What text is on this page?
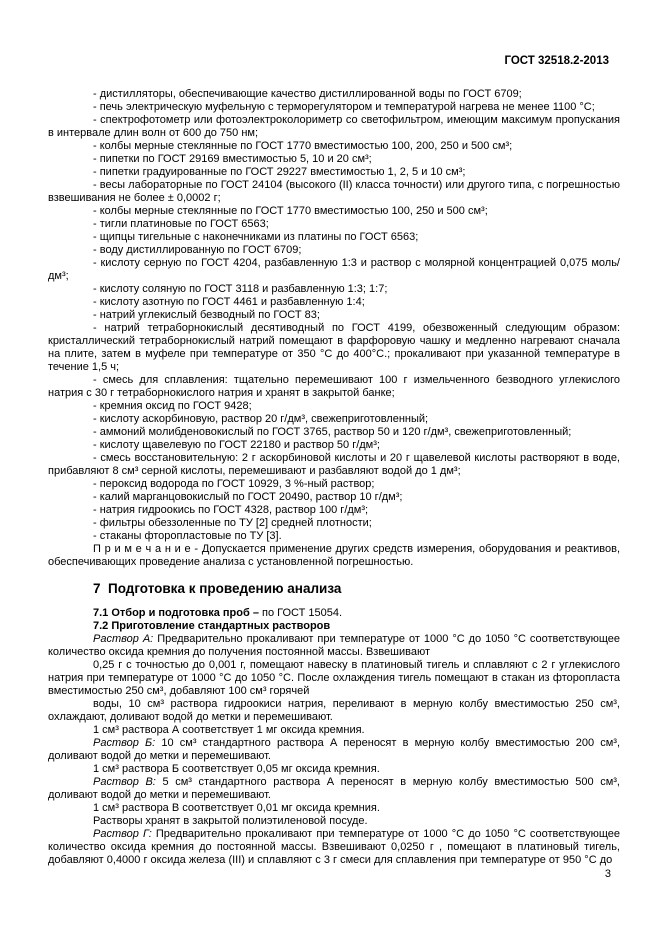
ГОСТ 32518.2-2013

- дистилляторы, обеспечивающие качество дистиллированной воды по ГОСТ 6709;

- печь электрическую муфельную с терморегулятором и температурой нагрева не менее 1100 °С;

- спектрофотометр или фотоэлектроколориметр со светофильтром, имеющим максимум пропускания в интервале длин волн от 600 до 750 нм;

- колбы мерные стеклянные по ГОСТ 1770 вместимостью 100, 200, 250 и 500 см³;

- пипетки по ГОСТ 29169 вместимостью 5, 10 и 20 см³;

- пипетки градуированные по ГОСТ 29227 вместимостью 1, 2, 5 и 10 см³;

- весы лабораторные по ГОСТ 24104 (высокого (II) класса точности) или другого типа, с погрешностью взвешивания не более ± 0,0002 г;

- колбы мерные стеклянные по ГОСТ 1770 вместимостью 100, 250 и 500 см³;

- тигли платиновые по ГОСТ 6563;

- щипцы тигельные с наконечниками из платины по ГОСТ 6563;

- воду дистиллированную по ГОСТ 6709;

- кислоту серную по ГОСТ 4204, разбавленную 1:3 и раствор с молярной концентрацией 0,075 моль/дм³;

- кислоту соляную по ГОСТ 3118 и разбавленную 1:3; 1:7;

- кислоту азотную по ГОСТ 4461 и разбавленную 1:4;

- натрий углекислый безводный по ГОСТ 83;

- натрий тетраборнокислый десятиводный по ГОСТ 4199, обезвоженный следующим образом: кристаллический тетраборнокислый натрий помещают в фарфоровую чашку и медленно нагревают сначала на плите, затем в муфеле при температуре от 350 °С до 400°С.; прокаливают при указанной температуре в течение 1,5 ч;

- смесь для сплавления: тщательно перемешивают 100 г измельченного безводного углекислого натрия с 30 г тетраборнокислого натрия и хранят в закрытой банке;

- кремния оксид по ГОСТ 9428;

- кислоту аскорбиновую, раствор 20 г/дм³, свежеприготовленный;

- аммоний молибденовокислый по ГОСТ 3765, раствор 50 и 120 г/дм³, свежеприготовленный;

- кислоту щавелевую по ГОСТ 22180 и раствор 50 г/дм³;

- смесь восстановительную: 2 г аскорбиновой кислоты и 20 г щавелевой кислоты растворяют в воде, прибавляют 8 см³ серной кислоты, перемешивают и разбавляют водой до 1 дм³;

- пероксид водорода по ГОСТ 10929, 3 %-ный раствор;

- калий марганцовокислый по ГОСТ 20490, раствор 10 г/дм³;

- натрия гидроокись по ГОСТ 4328, раствор 100 г/дм³;

- фильтры обеззоленные по ТУ [2] средней плотности;

- стаканы фторопластовые по ТУ [3].

П р и м е ч а н и е - Допускается применение других средств измерения, оборудования и реактивов, обеспечивающих проведение анализа с установленной погрешностью.

7  Подготовка к проведению анализа

7.1 Отбор и подготовка проб – по ГОСТ 15054.

7.2 Приготовление стандартных растворов

Раствор А: Предварительно прокаливают при температуре от 1000 °С до 1050 °С соответствующее количество оксида кремния до получения постоянной массы. Взвешивают

0,25 г с точностью до 0,001 г, помещают навеску в платиновый тигель и сплавляют с 2 г углекислого натрия при температуре от 1000 °С до 1050 °С. После охлаждения тигель помещают в стакан из фторопласта вместимостью 250 см³, добавляют 100 см³ горячей

воды, 10 см³ раствора гидроокиси натрия, переливают в мерную колбу вместимостью 250 см³, охлаждают, доливают водой до метки и перемешивают.

1 см³ раствора А соответствует 1 мг оксида кремния.

Раствор Б: 10 см³ стандартного раствора А переносят в мерную колбу вместимостью 200 см³, доливают водой до метки и перемешивают.

1 см³ раствора Б соответствует 0,05 мг оксида кремния.

Раствор В: 5 см³ стандартного раствора А переносят в мерную колбу вместимостью 500 см³, доливают водой до метки и перемешивают.

1 см³ раствора В соответствует 0,01 мг оксида кремния.

Растворы хранят в закрытой полиэтиленовой посуде.

Раствор Г: Предварительно прокаливают при температуре от 1000 °С до 1050 °С соответствующее количество оксида кремния до постоянной массы. Взвешивают 0,0250 г , помещают в платиновый тигель, добавляют 0,4000 г оксида железа (III) и сплавляют с 3 г смеси для сплавления при температуре от 950 °С до

3
